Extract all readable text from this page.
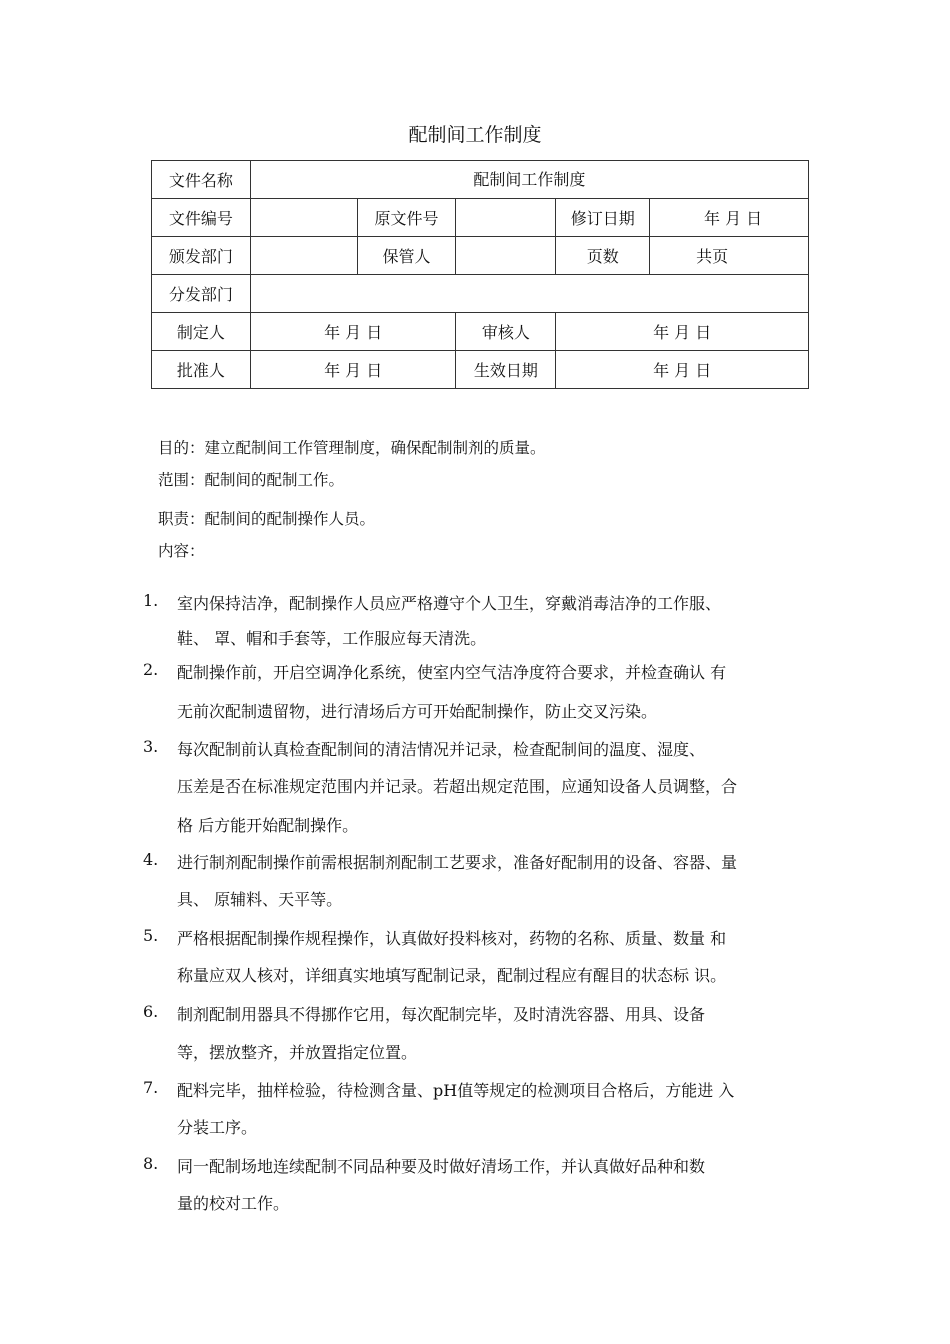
配制间工作制度
文件名称	配制间工作制度				
文件编号		原文件号		修订日期	年 月 日
颁发部门		保管人		页数	共页
分发部门					
制定人	年 月 日		审核人	年 月 日	
批准人	年 月 日		生效日期	年 月 日	
目的：建立配制间工作管理制度，确保配制制剂的质量。
范围：配制间的配制工作。
职责：配制间的配制操作人员。
内容：
1. 室内保持洁净，配制操作人员应严格遵守个人卫生，穿戴消毒洁净的工作服、
鞋、 罩、帽和手套等，工作服应每天清洗。
2. 配制操作前，开启空调净化系统，使室内空气洁净度符合要求，并检查确认 有
无前次配制遗留物，进行清场后方可开始配制操作，防止交叉污染。
3. 每次配制前认真检查配制间的清洁情况并记录，检查配制间的温度、湿度、
压差是否在标准规定范围内并记录。若超出规定范围，应通知设备人员调整，合
格 后方能开始配制操作。
4. 进行制剂配制操作前需根据制剂配制工艺要求，准备好配制用的设备、容器、量
具、 原辅料、天平等。
5. 严格根据配制操作规程操作，认真做好投料核对，药物的名称、质量、数量 和
称量应双人核对，详细真实地填写配制记录，配制过程应有醒目的状态标 识。
6. 制剂配制用器具不得挪作它用，每次配制完毕，及时清洗容器、用具、设备
等，摆放整齐，并放置指定位置。
7. 配料完毕，抽样检验，待检测含量、pH值等规定的检测项目合格后，方能进 入
分装工序。
8. 同一配制场地连续配制不同品种要及时做好清场工作，并认真做好品种和数
量的校对工作。
